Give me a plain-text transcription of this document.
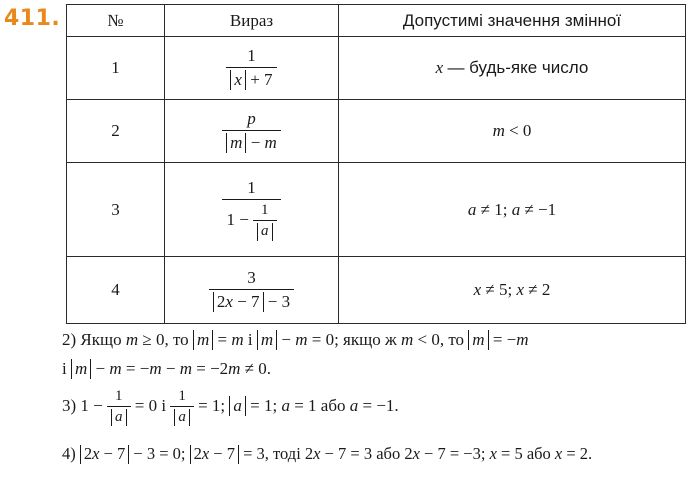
411.	№	Вираз	Допустимі значення змінної
1	$\frac{1}{x + 7}$	x — будь-яке число
2	$\frac{p}{m - m}$	m < 0
3	$\frac{1}{1 - \frac{1}{a}}$	a ≠ 1; a ≠ −1
4	$\frac{3}{2x - 7 - 3}$	x ≠ 5; x ≠ 2
2) Якщо m ≥ 0, то m = m і m − m = 0; якщо ж m < 0, то m = −m
і m − m = −m − m = −2m ≠ 0.
3) $1 - \frac{1}{a} = 0$ і $\frac{1}{a} = 1$; a = 1; a = 1 або a = −1.
4) 2x − 7 − 3 = 0; 2x − 7 = 3, тоді 2x − 7 = 3 або 2x − 7 = −3; x = 5 або x = 2.
